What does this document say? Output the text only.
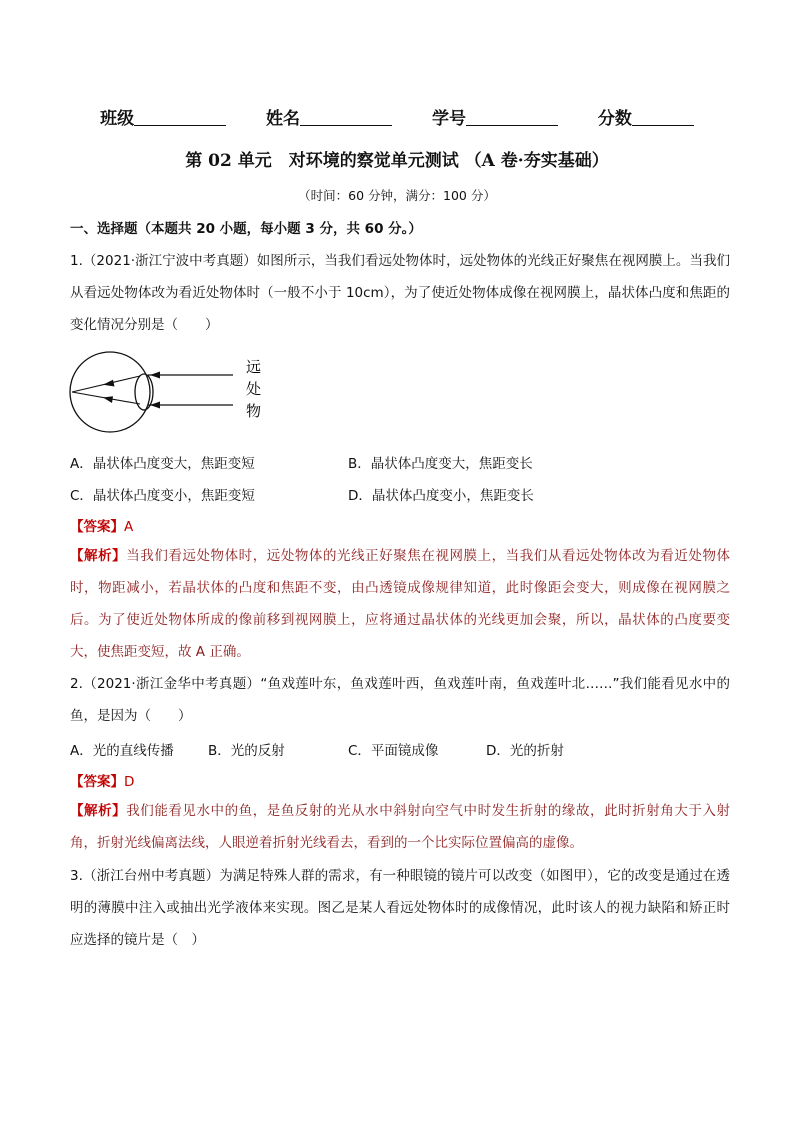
班级	姓名	学号	分数
第 02 单元　对环境的察觉单元测试 （A 卷·夯实基础）
（时间：60 分钟，满分：100 分）
一、选择题（本题共 20 小题，每小题 3 分，共 60 分。）
1.（2021·浙江宁波中考真题）如图所示，当我们看远处物体时，远处物体的光线正好聚焦在视网膜上。当我们从看远处物体改为看近处物体时（一般不小于 10cm），为了使近处物体成像在视网膜上，晶状体凸度和焦距的变化情况分别是（　　）
远
处
物
A．晶状体凸度变大，焦距变短	B．晶状体凸度变大，焦距变长
C．晶状体凸度变小，焦距变短	D．晶状体凸度变小，焦距变长
【答案】A
【解析】当我们看远处物体时，远处物体的光线正好聚焦在视网膜上，当我们从看远处物体改为看近处物体时，物距减小，若晶状体的凸度和焦距不变，由凸透镜成像规律知道，此时像距会变大，则成像在视网膜之后。为了使近处物体所成的像前移到视网膜上，应将通过晶状体的光线更加会聚，所以，晶状体的凸度要变大，使焦距变短，故 A 正确。
2.（2021·浙江金华中考真题）“鱼戏莲叶东，鱼戏莲叶西，鱼戏莲叶南，鱼戏莲叶北……”我们能看见水中的鱼，是因为（　　）
A．光的直线传播	B．光的反射	C．平面镜成像	D．光的折射
【答案】D
【解析】我们能看见水中的鱼，是鱼反射的光从水中斜射向空气中时发生折射的缘故，此时折射角大于入射角，折射光线偏离法线，人眼逆着折射光线看去，看到的一个比实际位置偏高的虚像。
3.（浙江台州中考真题）为满足特殊人群的需求，有一种眼镜的镜片可以改变（如图甲），它的改变是通过在透明的薄膜中注入或抽出光学液体来实现。图乙是某人看远处物体时的成像情况，此时该人的视力缺陷和矫正时应选择的镜片是（　）
